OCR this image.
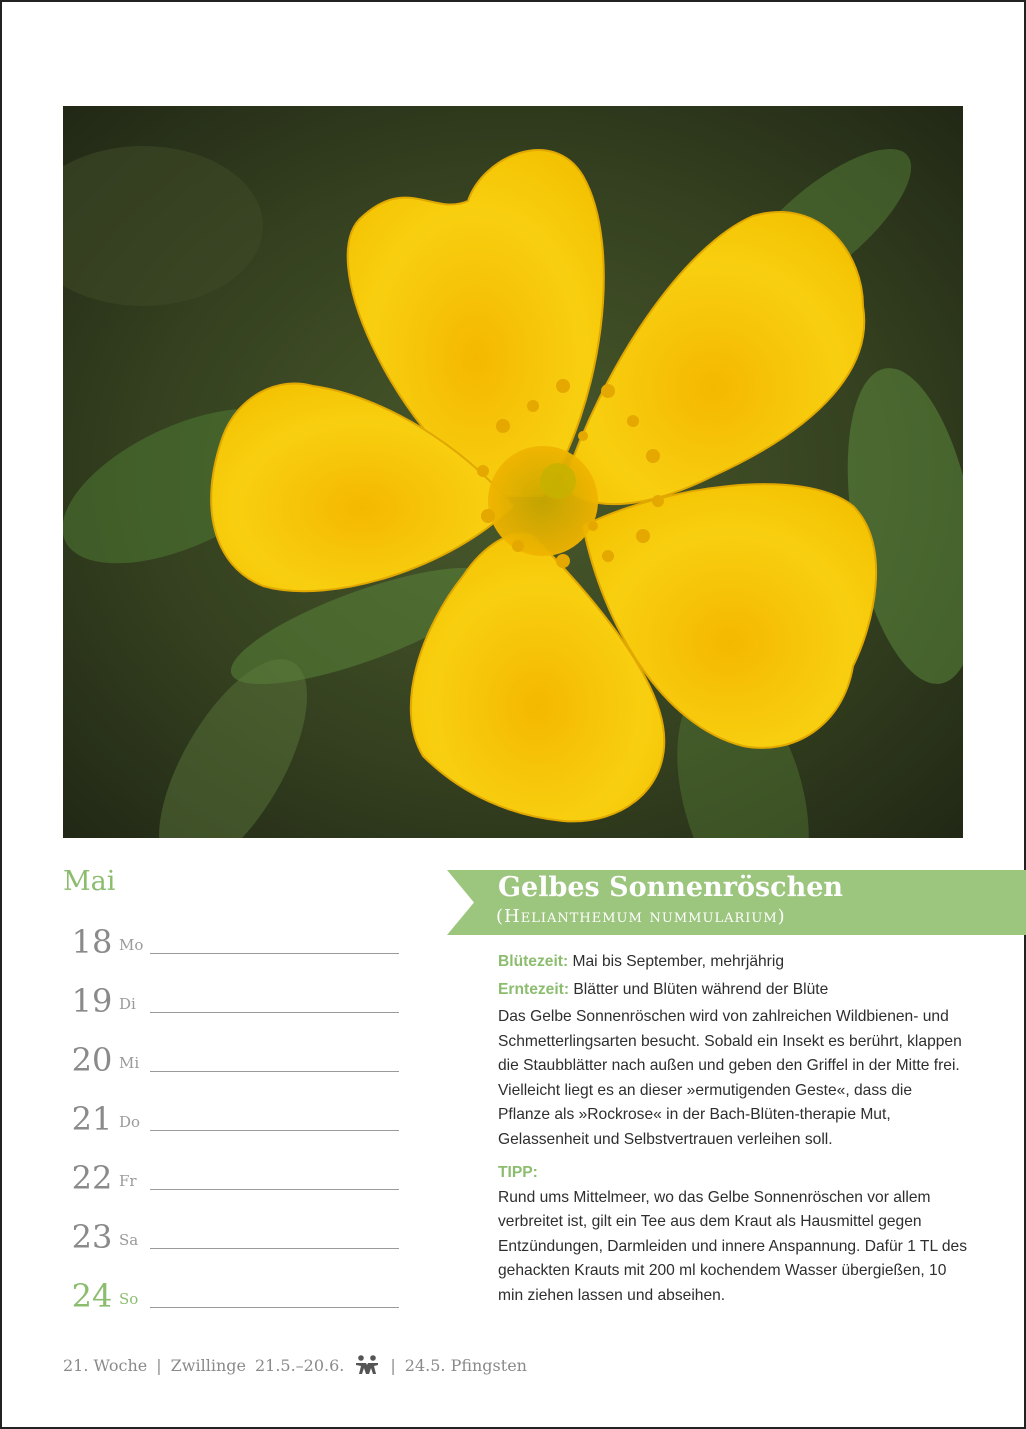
Mai
18 Mo
19 Di
20 Mi
21 Do
22 Fr
23 Sa
24 So
Gelbes Sonnenröschen
(Helianthemum nummularium)

Blütezeit: Mai bis September, mehrjährig

Erntezeit: Blätter und Blüten während der Blüte

Das Gelbe Sonnenröschen wird von zahlreichen Wildbienen- und Schmetterlingsarten besucht. Sobald ein Insekt es berührt, klappen die Staubblätter nach außen und geben den Griffel in der Mitte frei. Vielleicht liegt es an dieser »ermutigenden Geste«, dass die Pflanze als »Rockrose« in der Bach-Blüten-therapie Mut, Gelassenheit und Selbstvertrauen verleihen soll.

TIPP:

Rund ums Mittelmeer, wo das Gelbe Sonnenröschen vor allem verbreitet ist, gilt ein Tee aus dem Kraut als Hausmittel gegen Entzündungen, Darmleiden und innere Anspannung. Dafür 1 TL des gehackten Krauts mit 200 ml kochendem Wasser übergießen, 10 min ziehen lassen und abseihen.

21. Woche | Zwillinge 21.5.–20.6.	| 24.5. Pfingsten
